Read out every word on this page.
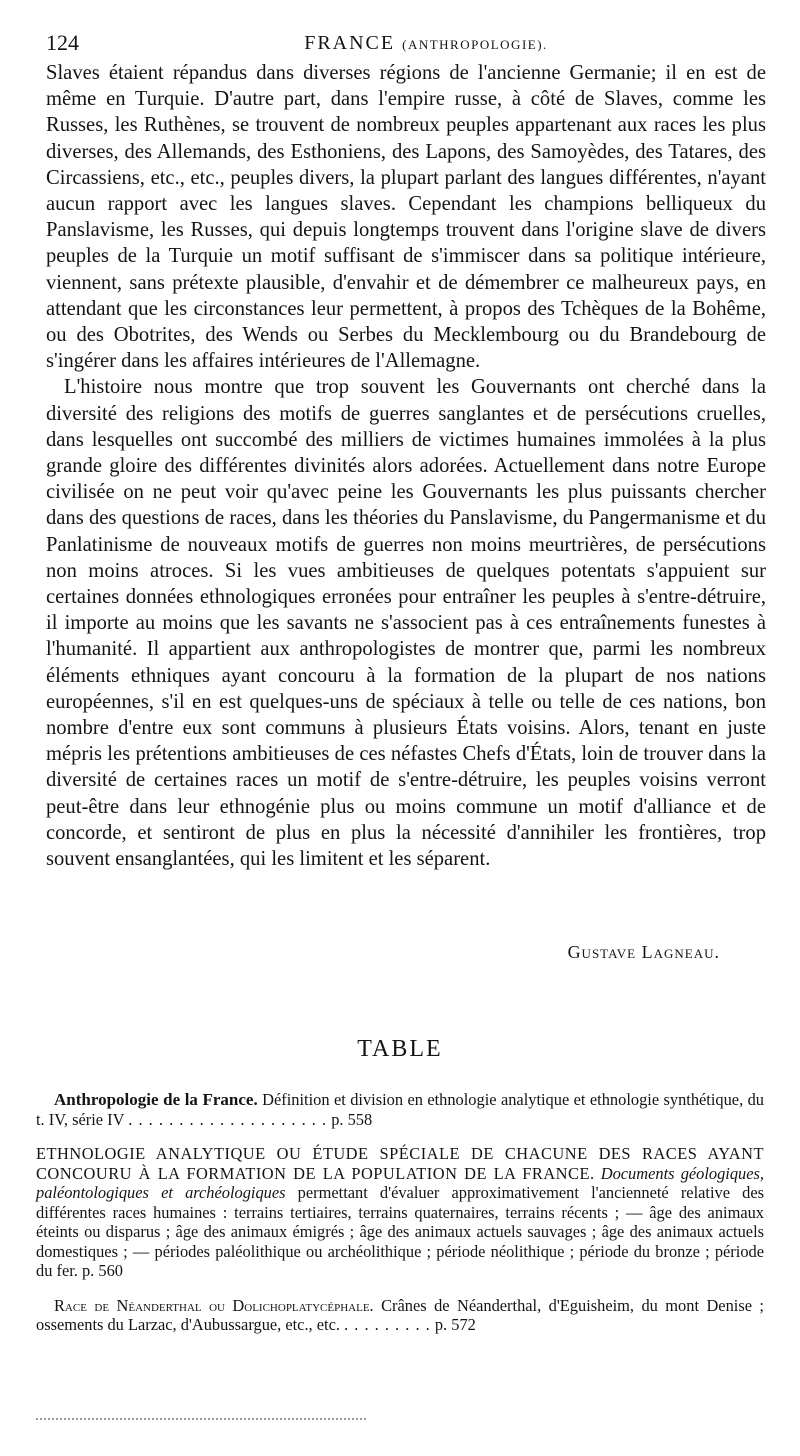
124	FRANCE (ANTHROPOLOGIE).

Slaves étaient répandus dans diverses régions de l'ancienne Germanie; il en est de même en Turquie. D'autre part, dans l'empire russe, à côté de Slaves, comme les Russes, les Ruthènes, se trouvent de nombreux peuples appartenant aux races les plus diverses, des Allemands, des Esthoniens, des Lapons, des Samoyèdes, des Tatares, des Circassiens, etc., etc., peuples divers, la plupart parlant des langues différentes, n'ayant aucun rapport avec les langues slaves. Cependant les champions belliqueux du Panslavisme, les Russes, qui depuis longtemps trouvent dans l'origine slave de divers peuples de la Turquie un motif suffisant de s'immiscer dans sa politique intérieure, viennent, sans prétexte plausible, d'envahir et de démembrer ce malheureux pays, en attendant que les circonstances leur permettent, à propos des Tchèques de la Bohême, ou des Obotrites, des Wends ou Serbes du Mecklembourg ou du Brandebourg de s'ingérer dans les affaires intérieures de l'Allemagne.

L'histoire nous montre que trop souvent les Gouvernants ont cherché dans la diversité des religions des motifs de guerres sanglantes et de persécutions cruelles, dans lesquelles ont succombé des milliers de victimes humaines immolées à la plus grande gloire des différentes divinités alors adorées. Actuellement dans notre Europe civilisée on ne peut voir qu'avec peine les Gouvernants les plus puissants chercher dans des questions de races, dans les théories du Panslavisme, du Pangermanisme et du Panlatinisme de nouveaux motifs de guerres non moins meurtrières, de persécutions non moins atroces. Si les vues ambitieuses de quelques potentats s'appuient sur certaines données ethnologiques erronées pour entraîner les peuples à s'entre-détruire, il importe au moins que les savants ne s'associent pas à ces entraînements funestes à l'humanité. Il appartient aux anthropologistes de montrer que, parmi les nombreux éléments ethniques ayant concouru à la formation de la plupart de nos nations européennes, s'il en est quelques-uns de spéciaux à telle ou telle de ces nations, bon nombre d'entre eux sont communs à plusieurs États voisins. Alors, tenant en juste mépris les prétentions ambitieuses de ces néfastes Chefs d'États, loin de trouver dans la diversité de certaines races un motif de s'entre-détruire, les peuples voisins verront peut-être dans leur ethnogénie plus ou moins commune un motif d'alliance et de concorde, et sentiront de plus en plus la nécessité d'annihiler les frontières, trop souvent ensanglantées, qui les limitent et les séparent.

Gustave Lagneau.
TABLE

Anthropologie de la France. Définition et division en ethnologie analytique et ethnologie synthétique, du t. IV, série IV . . . . . . . . . . . . . . . . . . . . p. 558

ETHNOLOGIE ANALYTIQUE OU ÉTUDE SPÉCIALE DE CHACUNE DES RACES AYANT CONCOURU À LA FORMATION DE LA POPULATION DE LA FRANCE. Documents géologiques, paléontologiques et archéologiques permettant d'évaluer approximativement l'ancienneté relative des différentes races humaines : terrains tertiaires, terrains quaternaires, terrains récents ; — âge des animaux éteints ou disparus ; âge des animaux émigrés ; âge des animaux actuels sauvages ; âge des animaux actuels domestiques ; — périodes paléolithique ou archéolithique ; période néolithique ; période du bronze ; période du fer. p. 560

Race de Néanderthal ou Dolichoplatycéphale. Crânes de Néanderthal, d'Eguisheim, du mont Denise ; ossements du Larzac, d'Aubussargue, etc., etc. . . . . . . . . . p. 572
